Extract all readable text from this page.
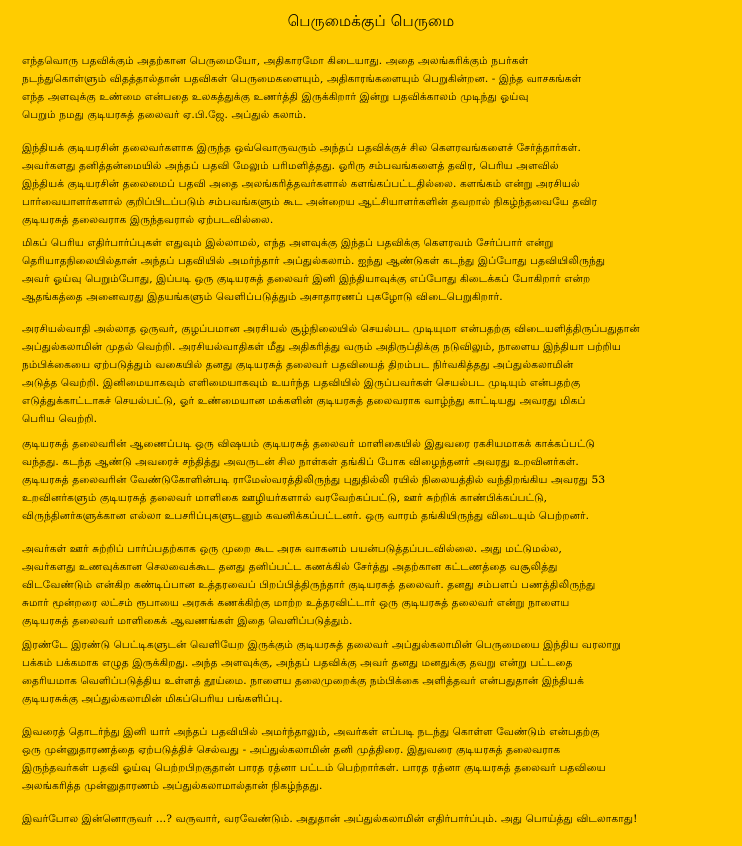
பெருமைக்குப் பெருமை
எந்தவொரு பதவிக்கும் அதற்கான பெருமையோ, அதிகாரமோ கிடையாது. அதை அலங்கரிக்கும் நபர்கள்
நடந்துகொள்ளும் விதத்தால்தான் பதவிகள் பெருமைகளையும், அதிகாரங்களையும் பெறுகின்றன. - இந்த வாசகங்கள்
எந்த அளவுக்கு உண்மை என்பதை உலகத்துக்கு உணர்த்தி இருக்கிறார் இன்று பதவிக்காலம் முடிந்து ஓய்வு
பெறும் நமது குடியரசுத் தலைவர் ஏ.பி.ஜே. அப்துல் கலாம்.
இந்தியக் குடியரசின் தலைவர்களாக இருந்த ஒவ்வொருவரும் அந்தப் பதவிக்குச் சில கௌரவங்களைச் சேர்த்தார்கள்.
அவர்களது தனித்தன்மையில் அந்தப் பதவி மேலும் பரிமளித்தது. ஓரிரு சம்பவங்களைத் தவிர, பெரிய அளவில்
இந்தியக் குடியரசின் தலைமைப் பதவி அதை அலங்கரித்தவர்களால் களங்கப்பட்டதில்லை. களங்கம் என்று அரசியல்
பார்வையாளர்களால் குறிப்பிடப்படும் சம்பவங்களும் கூட அன்றைய ஆட்சியாளர்களின் தவறால் நிகழ்ந்தவையே தவிர
குடியரசுத் தலைவராக இருந்தவரால் ஏற்படவில்லை.
மிகப் பெரிய எதிர்பார்ப்புகள் எதுவும் இல்லாமல், எந்த அளவுக்கு இந்தப் பதவிக்கு கௌரவம் சேர்ப்பார் என்று
தெரியாதநிலையில்தான் அந்தப் பதவியில் அமர்ந்தார் அப்துல்கலாம். ஐந்து ஆண்டுகள் கடந்து இப்போது பதவியிலிருந்து
அவர் ஓய்வு பெறும்போது, இப்படி ஒரு குடியரசுத் தலைவர் இனி இந்தியாவுக்கு எப்போது கிடைக்கப் போகிறார் என்ற
ஆதங்கத்தை அனைவரது இதயங்களும் வெளிப்படுத்தும் அசாதாரணப் புகழோடு விடைபெறுகிறார்.
அரசியல்வாதி அல்லாத ஒருவர், குழப்பமான அரசியல் சூழ்நிலையில் செயல்பட முடியுமா என்பதற்கு விடையளித்திருப்பதுதான்
அப்துல்கலாமின் முதல் வெற்றி. அரசியல்வாதிகள் மீது அதிகரித்து வரும் அதிருப்திக்கு நடுவிலும், நாளைய இந்தியா பற்றிய
நம்பிக்கையை ஏற்படுத்தும் வகையில் தனது குடியரசுத் தலைவர் பதவியைத் திறம்பட நிர்வகித்தது அப்துல்கலாமின்
அடுத்த வெற்றி. இனிமையாகவும் எளிமையாகவும் உயர்ந்த பதவியில் இருப்பவர்கள் செயல்பட முடியும் என்பதற்கு
எடுத்துக்காட்டாகச் செயல்பட்டு, ஓர் உண்மையான மக்களின் குடியரசுத் தலைவராக வாழ்ந்து காட்டியது அவரது மிகப்
பெரிய வெற்றி.
குடியரசுத் தலைவரின் ஆணைப்படி ஒரு விஷயம் குடியரசுத் தலைவர் மாளிகையில் இதுவரை ரகசியமாகக் காக்கப்பட்டு
வந்தது. கடந்த ஆண்டு அவரைச் சந்தித்து அவருடன் சில நாள்கள் தங்கிப் போக விழைந்தனர் அவரது உறவினர்கள்.
குடியரசுத் தலைவரின் வேண்டுகோளின்படி ராமேஸ்வரத்திலிருந்து புதுதில்லி ரயில் நிலையத்தில் வந்திறங்கிய அவரது 53
உறவினர்களும் குடியரசுத் தலைவர் மாளிகை ஊழியர்களால் வரவேற்கப்பட்டு, ஊர் சுற்றிக் காண்பிக்கப்பட்டு,
விருந்தினர்களுக்கான எல்லா உபசரிப்புகளுடனும் கவனிக்கப்பட்டனர். ஒரு வாரம் தங்கியிருந்து விடையும் பெற்றனர்.
அவர்கள் ஊர் சுற்றிப் பார்ப்பதற்காக ஒரு முறை கூட அரசு வாகனம் பயன்படுத்தப்படவில்லை. அது மட்டுமல்ல,
அவர்களது உணவுக்கான செலவைக்கூட தனது தனிப்பட்ட கணக்கில் சேர்த்து அதற்கான கட்டணத்தை வசூலித்து
விடவேண்டும் என்கிற கண்டிப்பான உத்தரவைப் பிறப்பித்திருந்தார் குடியரசுத் தலைவர். தனது சம்பளப் பணத்திலிருந்து
சுமார் மூன்றரை லட்சம் ரூபாயை அரசுக் கணக்கிற்கு மாற்ற உத்தரவிட்டார் ஒரு குடியரசுத் தலைவர் என்று நாளைய
குடியரசுத் தலைவர் மாளிகைக் ஆவணங்கள் இதை வெளிப்படுத்தும்.
இரண்டே இரண்டு பெட்டிகளுடன் வெளியேற இருக்கும் குடியரசுத் தலைவர் அப்துல்கலாமின் பெருமையை இந்திய வரலாறு
பக்கம் பக்கமாக எழுத இருக்கிறது. அந்த அளவுக்கு, அந்தப் பதவிக்கு அவர் தனது மனதுக்கு தவறு என்று பட்டதை
தைரியமாக வெளிப்படுத்திய உள்ளத் தூய்மை. நாளைய தலைமுறைக்கு நம்பிக்கை அளித்தவர் என்பதுதான் இந்தியக்
குடியரசுக்கு அப்துல்கலாமின் மிகப்பெரிய பங்களிப்பு.
இவரைத் தொடர்ந்து இனி யார் அந்தப் பதவியில் அமர்ந்தாலும், அவர்கள் எப்படி நடந்து கொள்ள வேண்டும் என்பதற்கு
ஒரு முன்னுதாரணத்தை ஏற்படுத்திச் செல்வது - அப்துல்கலாமின் தனி முத்திரை. இதுவரை குடியரசுத் தலைவராக
இருந்தவர்கள் பதவி ஓய்வு பெற்றபிறகுதான் பாரத ரத்னா பட்டம் பெற்றார்கள். பாரத ரத்னா குடியரசுத் தலைவர் பதவியை
அலங்கரித்த முன்னுதாரணம் அப்துல்கலாமால்தான் நிகழ்ந்தது.
இவர்போல இன்னொருவர் ...? வருவார், வரவேண்டும். அதுதான் அப்துல்கலாமின் எதிர்பார்ப்பும். அது பொய்த்து விடலாகாது!
